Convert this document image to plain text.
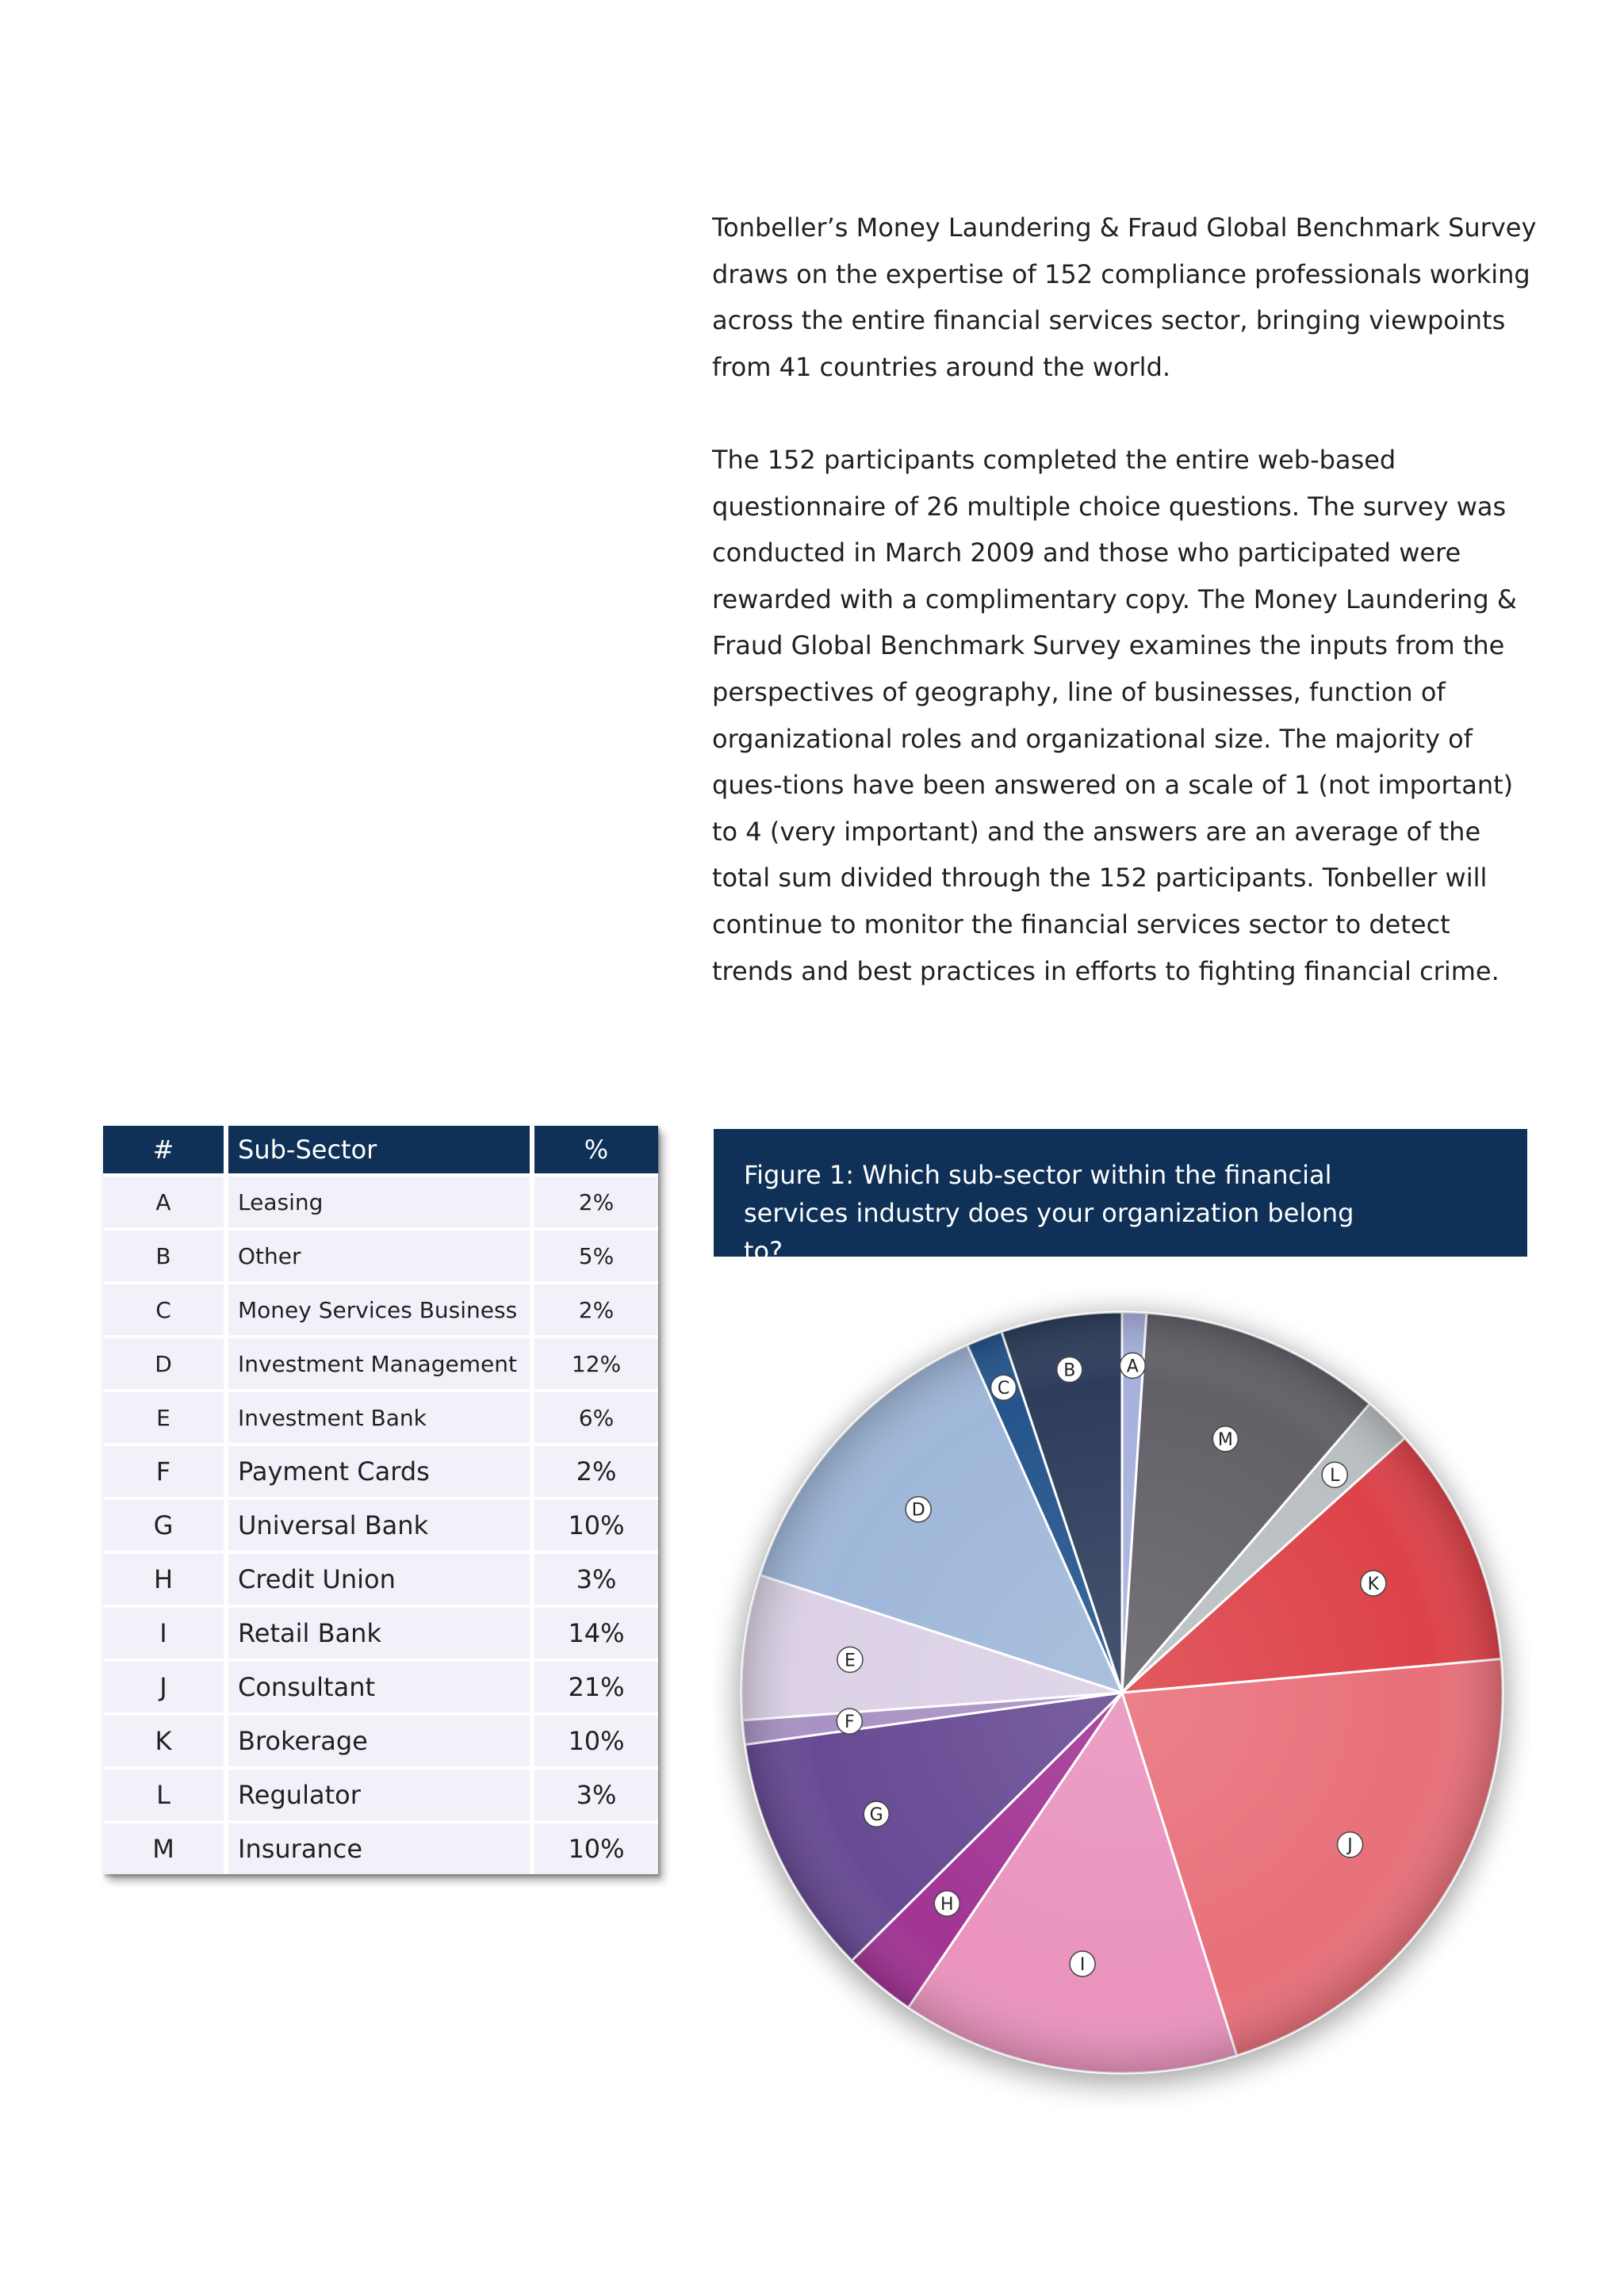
Tonbeller’s Money Laundering & Fraud Global Benchmark Survey draws on the expertise of 152 compliance professionals working across the entire financial services sector, bringing viewpoints from 41 countries around the world.

The 152 participants completed the entire web-based questionnaire of 26 multiple choice questions. The survey was conducted in March 2009 and those who participated were rewarded with a complimentary copy. The Money Laundering & Fraud Global Benchmark Survey examines the inputs from the perspectives of geography, line of businesses, function of organizational roles and organizational size. The majority of ques-tions have been answered on a scale of 1 (not important) to 4 (very important) and the answers are an average of the total sum divided through the 152 participants. Tonbeller will continue to monitor the financial services sector to detect trends and best practices in efforts to fighting financial crime.

#	Sub-Sector	%
A	Leasing	2%
B	Other	5%
C	Money Services Business	2%
D	Investment Management	12%
E	Investment Bank	6%
F	Payment Cards	2%
G	Universal Bank	10%
H	Credit Union	3%
I	Retail Bank	14%
J	Consultant	21%
K	Brokerage	10%
L	Regulator	3%
M	Insurance	10%
Figure 1: Which sub-sector within the financial services industry does your organization belong to?
A
M
L
K
J
I
H
G
F
E
D
C
B
